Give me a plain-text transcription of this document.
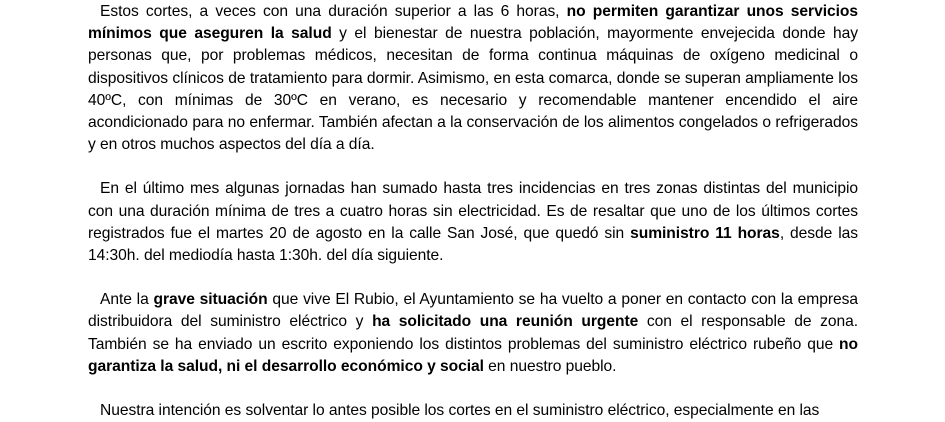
Estos cortes, a veces con una duración superior a las 6 horas, no permiten garantizar unos servicios mínimos que aseguren la salud y el bienestar de nuestra población, mayormente envejecida donde hay personas que, por problemas médicos, necesitan de forma continua máquinas de oxígeno medicinal o dispositivos clínicos de tratamiento para dormir. Asimismo, en esta comarca, donde se superan ampliamente los 40ºC, con mínimas de 30ºC en verano, es necesario y recomendable mantener encendido el aire acondicionado para no enfermar. También afectan a la conservación de los alimentos congelados o refrigerados y en otros muchos aspectos del día a día.

En el último mes algunas jornadas han sumado hasta tres incidencias en tres zonas distintas del municipio con una duración mínima de tres a cuatro horas sin electricidad. Es de resaltar que uno de los últimos cortes registrados fue el martes 20 de agosto en la calle San José, que quedó sin suministro 11 horas, desde las 14:30h. del mediodía hasta 1:30h. del día siguiente.

Ante la grave situación que vive El Rubio, el Ayuntamiento se ha vuelto a poner en contacto con la empresa distribuidora del suministro eléctrico y ha solicitado una reunión urgente con el responsable de zona. También se ha enviado un escrito exponiendo los distintos problemas del suministro eléctrico rubeño que no garantiza la salud, ni el desarrollo económico y social en nuestro pueblo.

Nuestra intención es solventar lo antes posible los cortes en el suministro eléctrico, especialmente en las
